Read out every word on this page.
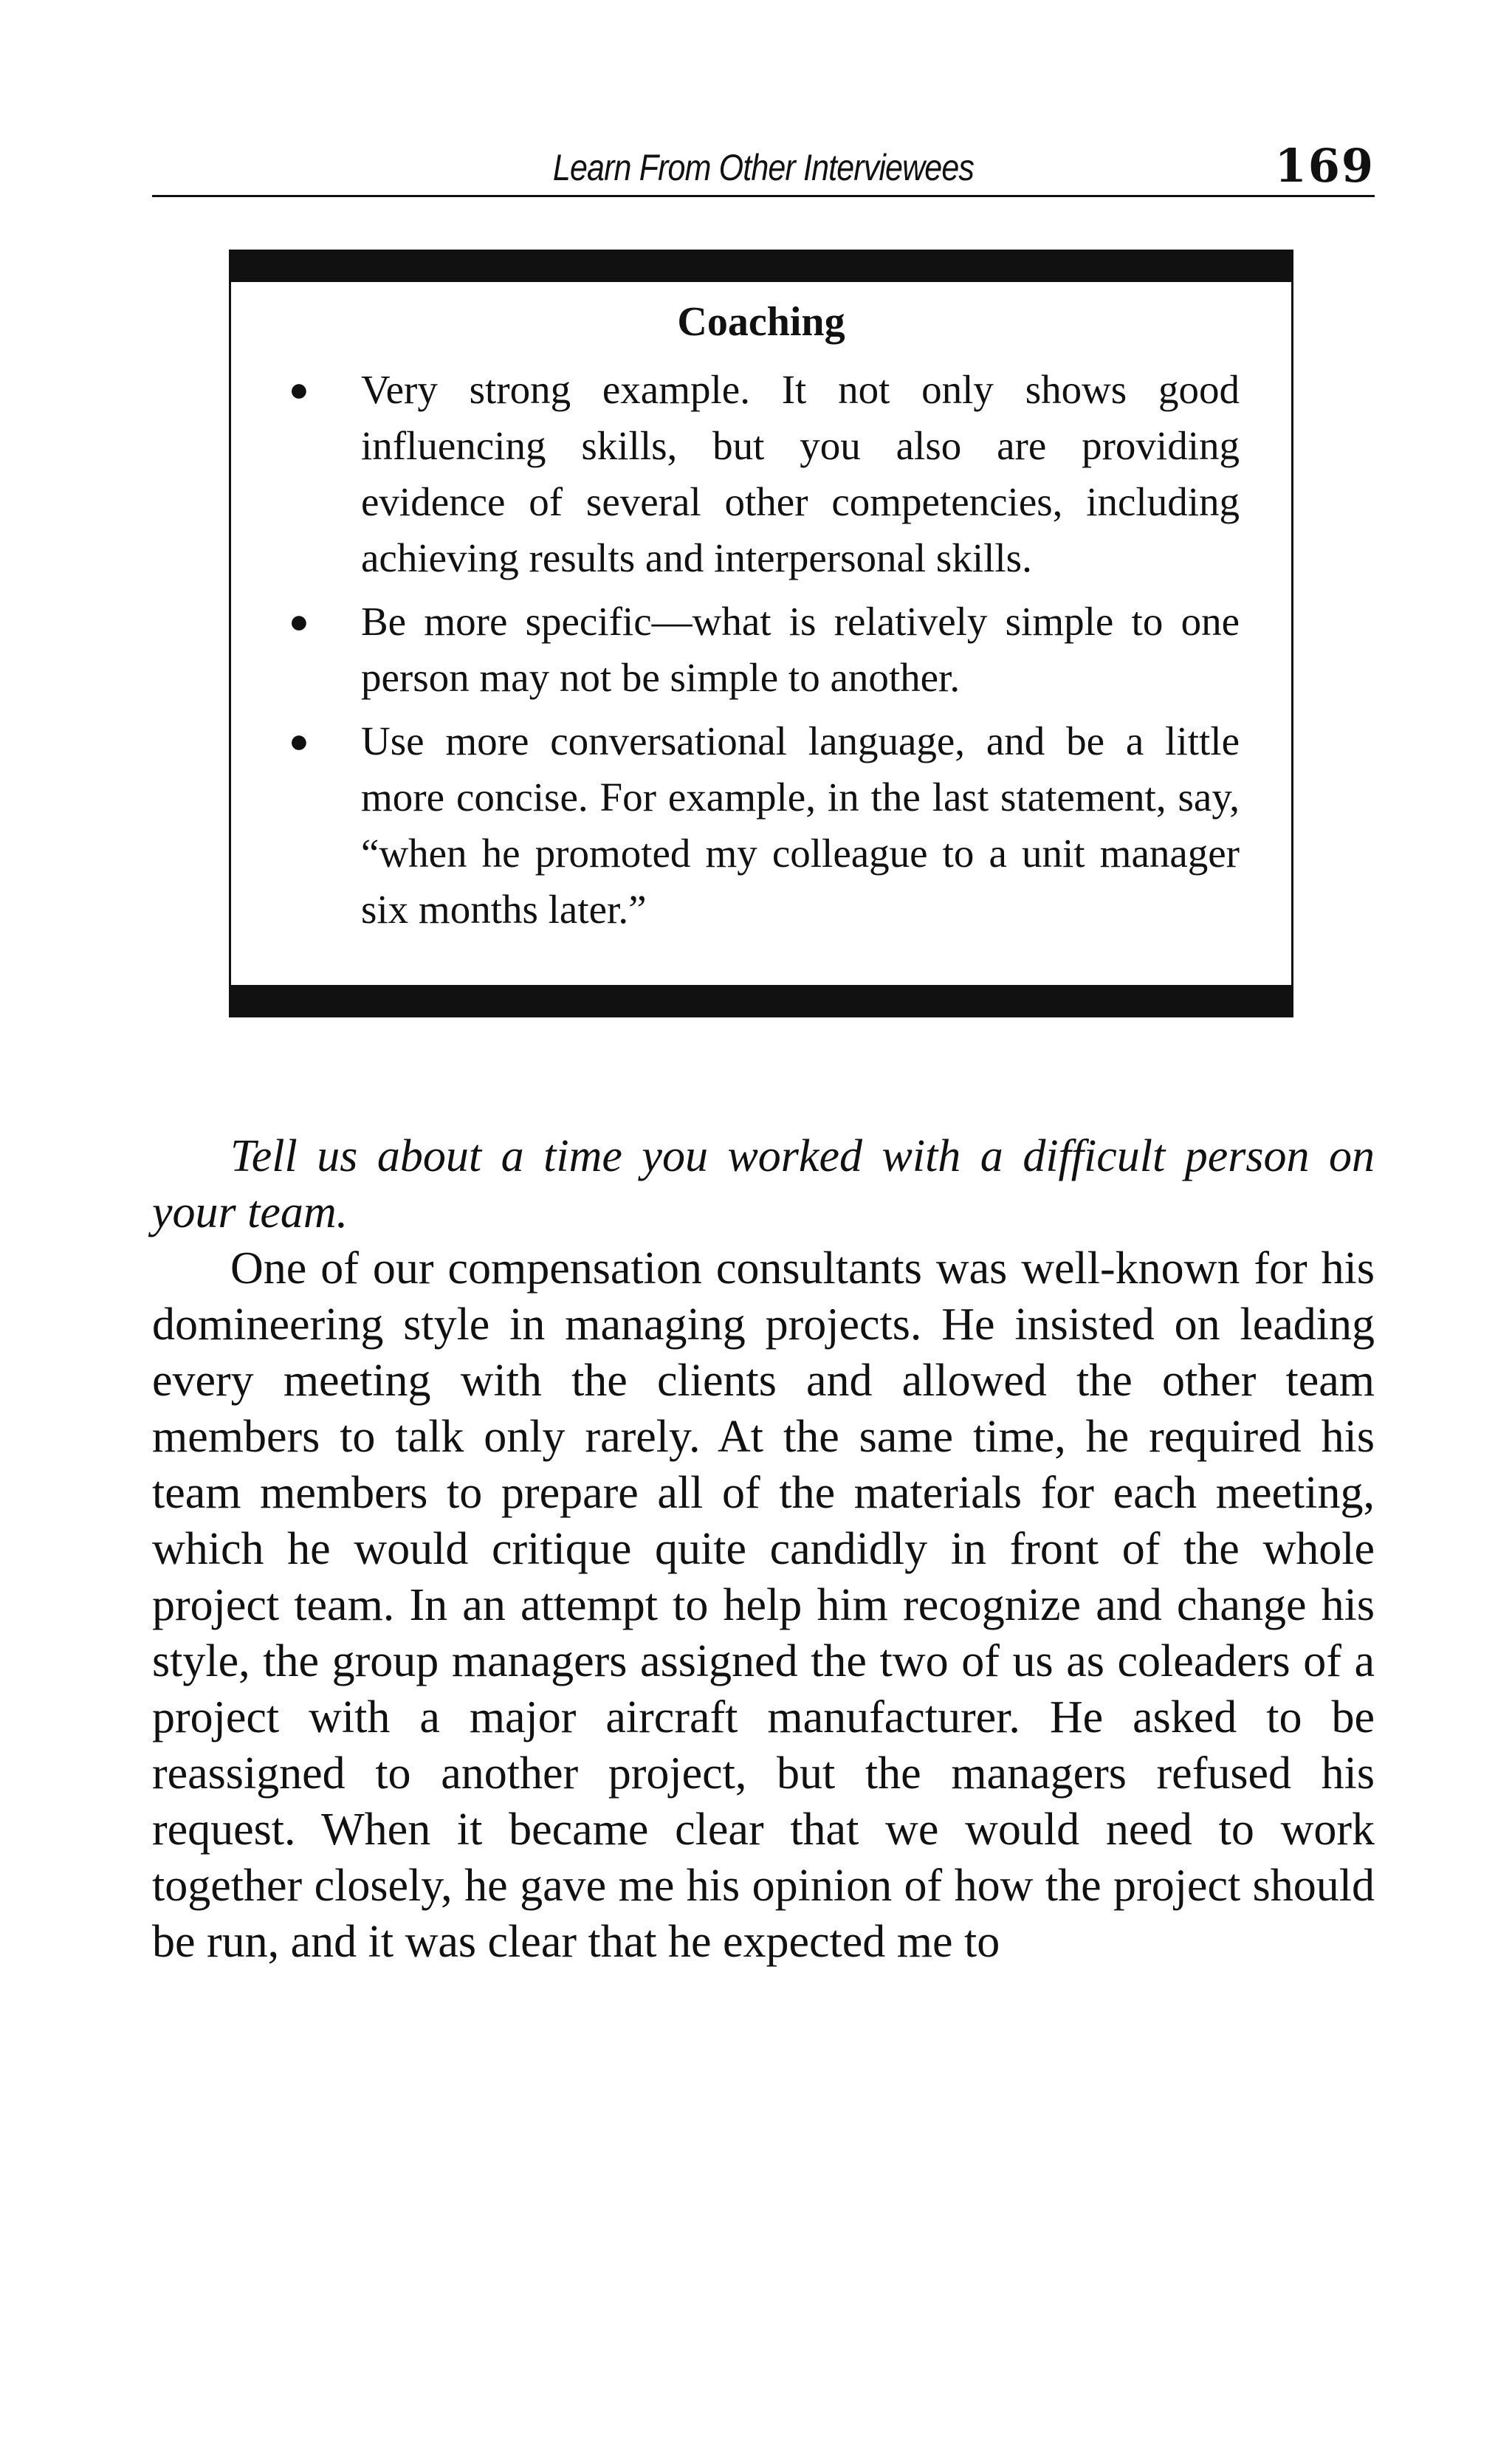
Learn From Other Interviewees	169
Coaching
● Very strong example. It not only shows good influencing skills, but you also are providing evidence of several other competencies, including achieving results and interpersonal skills.
● Be more specific—what is relatively simple to one person may not be simple to another.
● Use more conversational language, and be a little more concise. For example, in the last statement, say, “when he promoted my colleague to a unit manager six months later.”

Tell us about a time you worked with a difficult person on your team.

One of our compensation consultants was well-known for his domineering style in managing projects. He insisted on leading every meeting with the clients and allowed the other team members to talk only rarely. At the same time, he required his team members to prepare all of the materials for each meeting, which he would critique quite candidly in front of the whole project team. In an attempt to help him recognize and change his style, the group managers assigned the two of us as coleaders of a project with a major aircraft manufacturer. He asked to be reassigned to another project, but the managers refused his request. When it became clear that we would need to work together closely, he gave me his opinion of how the project should be run, and it was clear that he expected me to
